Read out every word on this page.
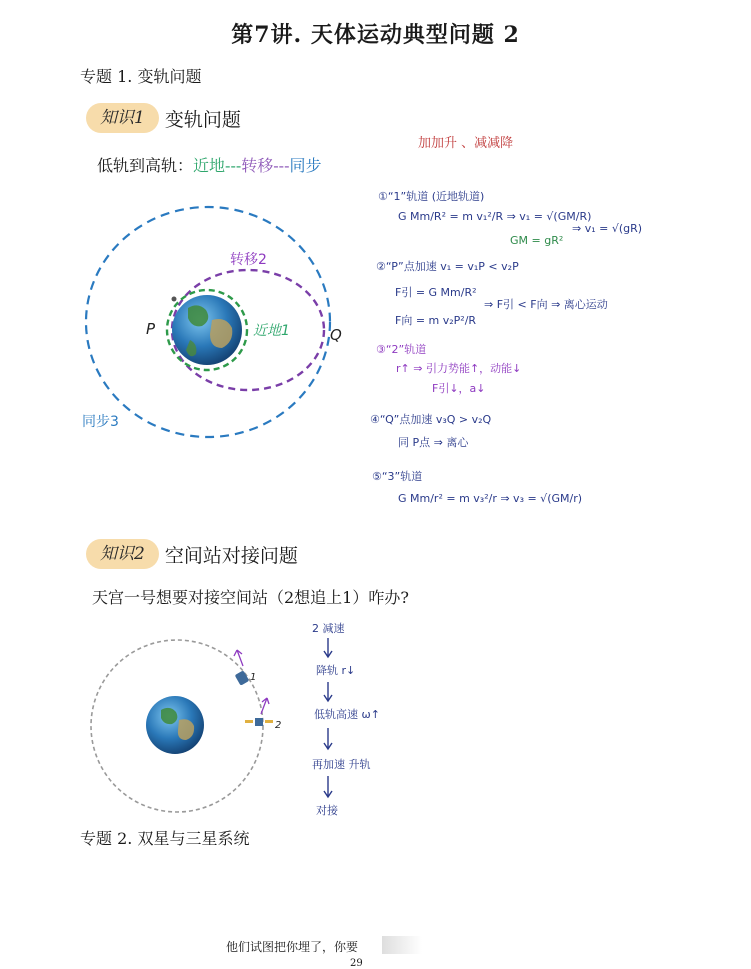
第7讲. 天体运动典型问题 2
专题 1. 变轨问题
知识1	变轨问题
低轨到高轨：近地---转移---同步
P	Q
转移2
近地1
同步3
加加升 、减减降
①“1”轨道 (近地轨道)
G Mm/R² = m v₁²/R ⇒ v₁ = √(GM/R)
GM = gR²
⇒ v₁ = √(gR)
②“P”点加速 v₁ = v₁P < v₂P
F引 = G Mm/R²
F向 = m v₂P²/R
⇒ F引 < F向 ⇒ 离心运动
③“2”轨道
r↑ ⇒ 引力势能↑，动能↓
F引↓，a↓
④“Q”点加速 v₃Q > v₂Q
同 P点 ⇒ 离心
⑤“3”轨道
G Mm/r² = m v₃²/r ⇒ v₃ = √(GM/r)
知识2	空间站对接问题
天宫一号想要对接空间站（2想追上1）咋办?
1
2
2 减速
降轨 r↓
低轨高速 ω↑
再加速 升轨
对接
专题 2. 双星与三星系统
他们试图把你埋了，你要
29
